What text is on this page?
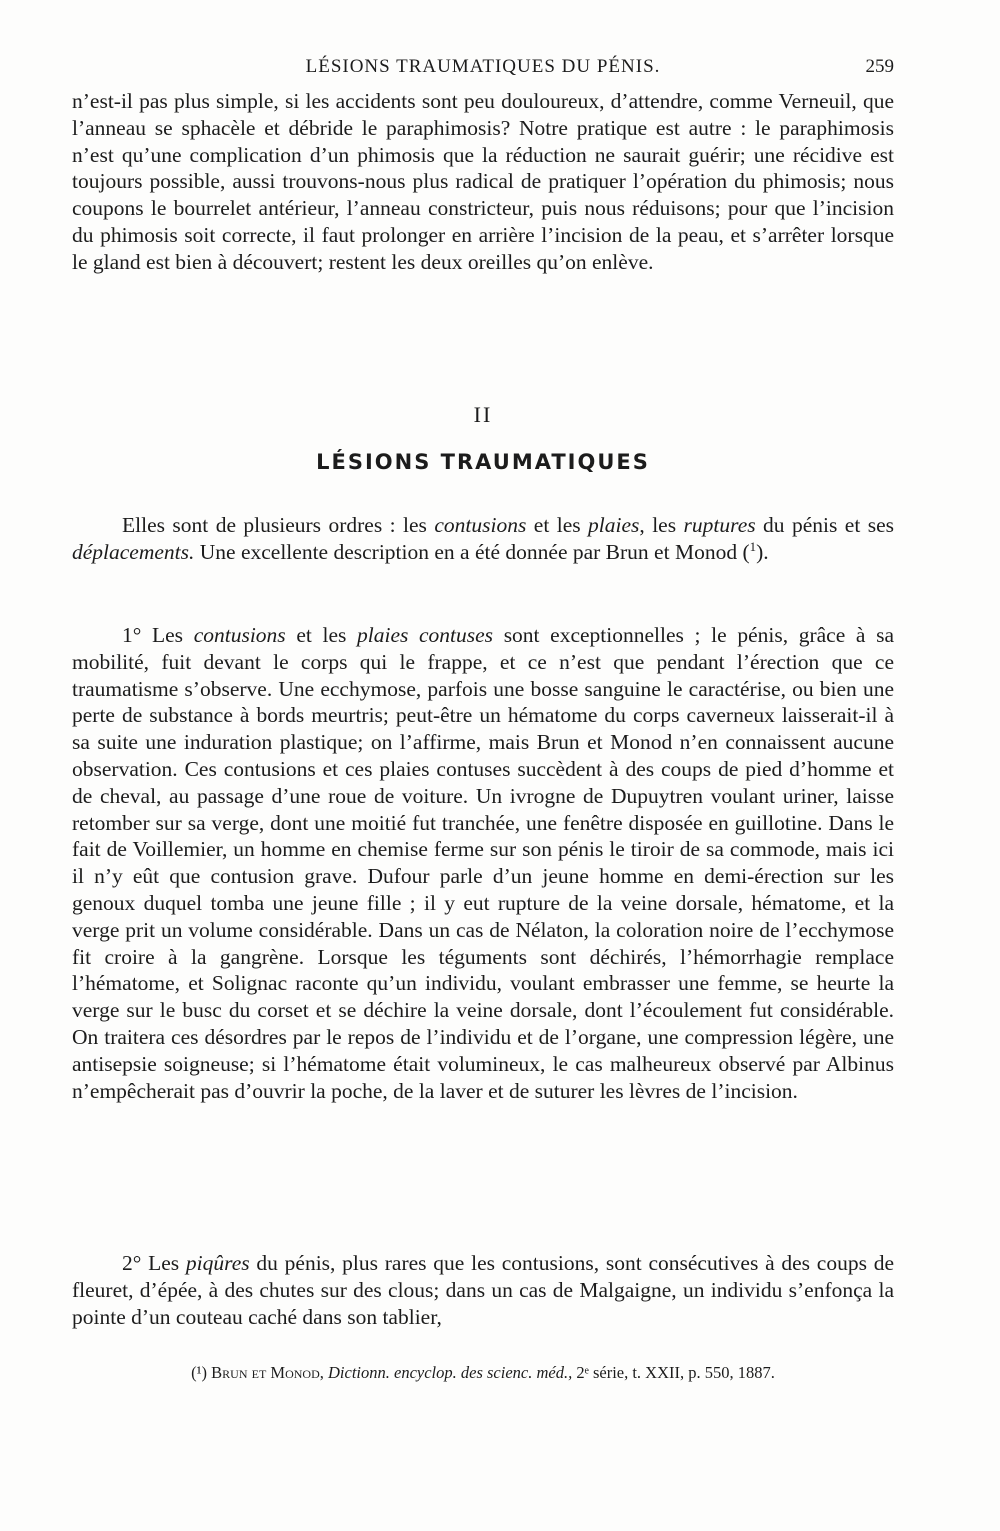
LÉSIONS TRAUMATIQUES DU PÉNIS.	259

n’est-il pas plus simple, si les accidents sont peu douloureux, d’attendre, comme Verneuil, que l’anneau se sphacèle et débride le paraphimosis? Notre pratique est autre : le paraphimosis n’est qu’une complication d’un phimosis que la réduction ne saurait guérir; une récidive est toujours possible, aussi trouvons-nous plus radical de pratiquer l’opération du phimosis; nous coupons le bourrelet antérieur, l’anneau constricteur, puis nous réduisons; pour que l’incision du phimosis soit correcte, il faut prolonger en arrière l’incision de la peau, et s’arrêter lorsque le gland est bien à découvert; restent les deux oreilles qu’on enlève.

II
LÉSIONS TRAUMATIQUES

Elles sont de plusieurs ordres : les contusions et les plaies, les ruptures du pénis et ses déplacements. Une excellente description en a été donnée par Brun et Monod ($^1$).

1° Les contusions et les plaies contuses sont exceptionnelles ; le pénis, grâce à sa mobilité, fuit devant le corps qui le frappe, et ce n’est que pendant l’érection que ce traumatisme s’observe. Une ecchymose, parfois une bosse sanguine le caractérise, ou bien une perte de substance à bords meurtris; peut-être un hématome du corps caverneux laisserait-il à sa suite une induration plastique; on l’affirme, mais Brun et Monod n’en connaissent aucune observation. Ces contusions et ces plaies contuses succèdent à des coups de pied d’homme et de cheval, au passage d’une roue de voiture. Un ivrogne de Dupuytren voulant uriner, laisse retomber sur sa verge, dont une moitié fut tranchée, une fenêtre disposée en guillotine. Dans le fait de Voillemier, un homme en chemise ferme sur son pénis le tiroir de sa commode, mais ici il n’y eût que contusion grave. Dufour parle d’un jeune homme en demi-érection sur les genoux duquel tomba une jeune fille ; il y eut rupture de la veine dorsale, hématome, et la verge prit un volume considérable. Dans un cas de Nélaton, la coloration noire de l’ecchymose fit croire à la gangrène. Lorsque les téguments sont déchirés, l’hémorrhagie remplace l’hématome, et Solignac raconte qu’un individu, voulant embrasser une femme, se heurte la verge sur le busc du corset et se déchire la veine dorsale, dont l’écoulement fut considérable. On traitera ces désordres par le repos de l’individu et de l’organe, une compression légère, une antisepsie soigneuse; si l’hématome était volumineux, le cas malheureux observé par Albinus n’empêcherait pas d’ouvrir la poche, de la laver et de suturer les lèvres de l’incision.

2° Les piqûres du pénis, plus rares que les contusions, sont consécutives à des coups de fleuret, d’épée, à des chutes sur des clous; dans un cas de Malgaigne, un individu s’enfonça la pointe d’un couteau caché dans son tablier,

(¹) Brun et Monod, Dictionn. encyclop. des scienc. méd., 2ᵉ série, t. XXII, p. 550, 1887.
